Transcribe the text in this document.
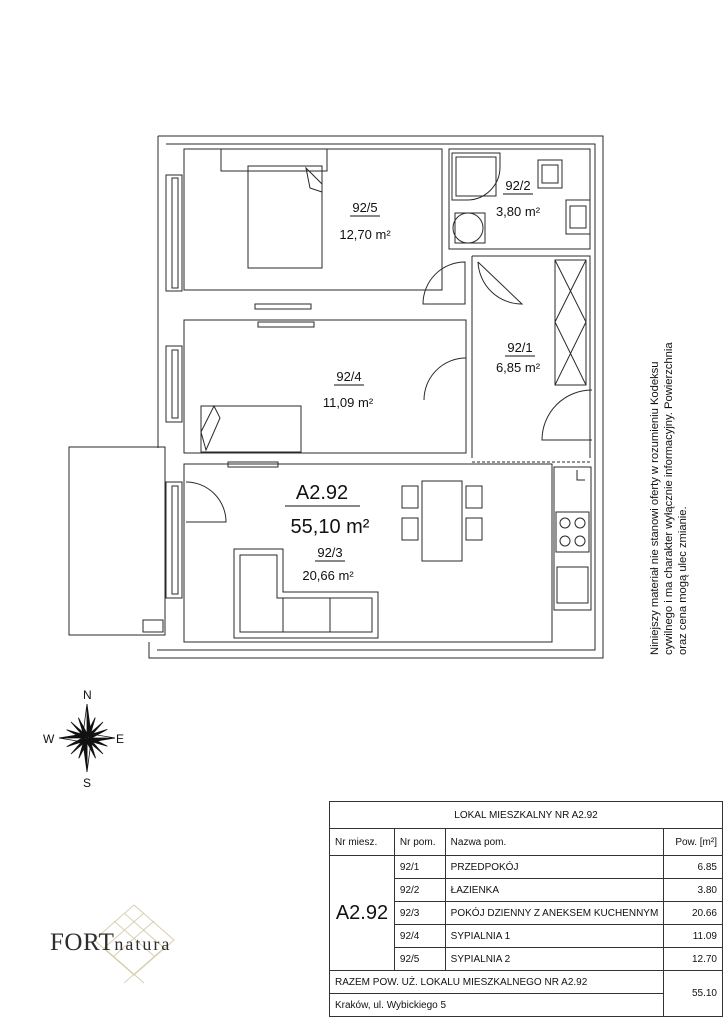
92/5
12,70 m²
92/2
3,80 m²
92/1
6,85 m²
92/4
11,09 m²
A2.92
55,10 m²
92/3
20,66 m²
N
S
E
W
Niniejszy materiał nie stanowi oferty w rozumieniu Kodeksu cywilnego i ma charakter wyłącznie informacyjny. Powierzchnia oraz cena mogą ulec zmianie.
FORTnatura
LOKAL MIESZKALNY NR A2.92			
Nr miesz.	Nr pom.	Nazwa pom.	Pow. [m²]
A2.92	92/1	PRZEDPOKÓJ	6.85
	92/2	ŁAZIENKA	3.80
	92/3	POKÓJ DZIENNY Z ANEKSEM KUCHENNYM	20.66
	92/4	SYPIALNIA 1	11.09
	92/5	SYPIALNIA 2	12.70
RAZEM POW. UŻ. LOKALU MIESZKALNEGO NR A2.92			55.10
Kraków, ul. Wybickiego 5			
